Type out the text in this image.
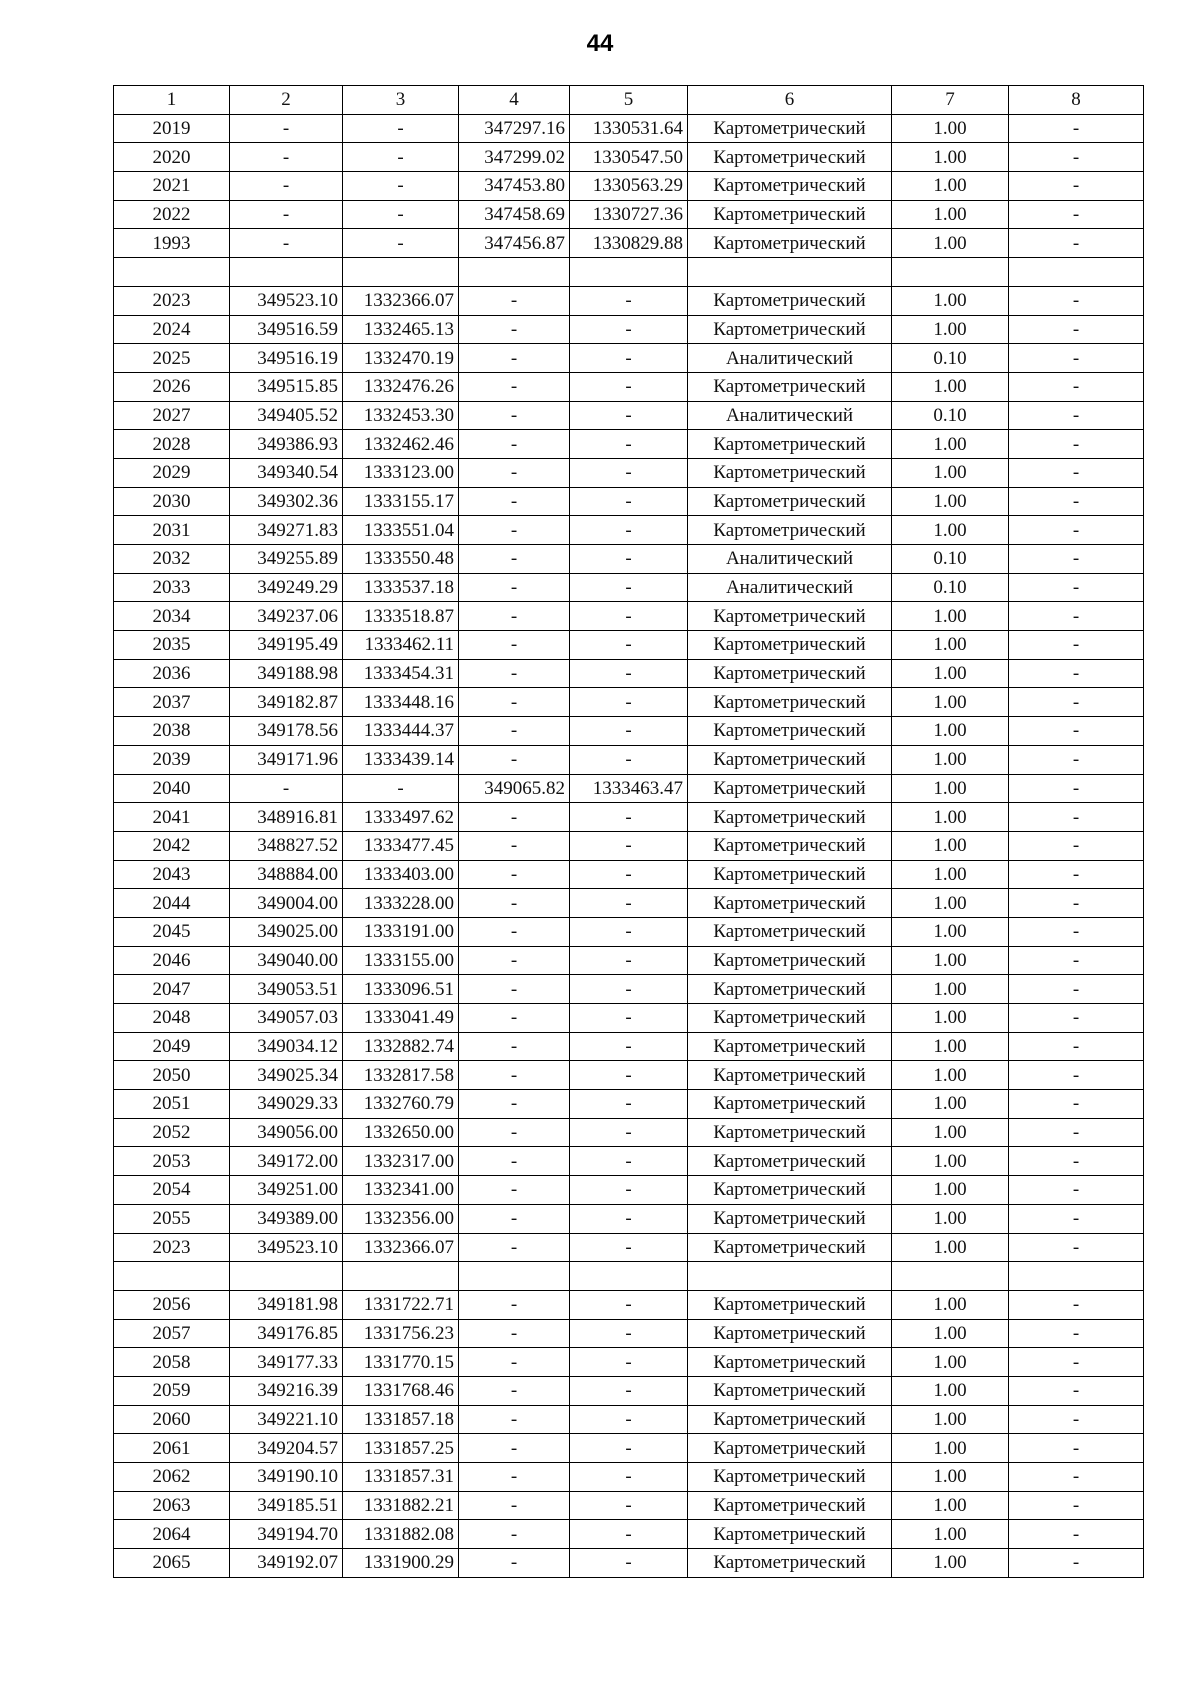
44
1	2	3	4	5	6	7	8
2019	-	-	347297.16	1330531.64	Картометрический	1.00	-
2020	-	-	347299.02	1330547.50	Картометрический	1.00	-
2021	-	-	347453.80	1330563.29	Картометрический	1.00	-
2022	-	-	347458.69	1330727.36	Картометрический	1.00	-
1993	-	-	347456.87	1330829.88	Картометрический	1.00	-

2023	349523.10	1332366.07	-	-	Картометрический	1.00	-
2024	349516.59	1332465.13	-	-	Картометрический	1.00	-
2025	349516.19	1332470.19	-	-	Аналитический	0.10	-
2026	349515.85	1332476.26	-	-	Картометрический	1.00	-
2027	349405.52	1332453.30	-	-	Аналитический	0.10	-
2028	349386.93	1332462.46	-	-	Картометрический	1.00	-
2029	349340.54	1333123.00	-	-	Картометрический	1.00	-
2030	349302.36	1333155.17	-	-	Картометрический	1.00	-
2031	349271.83	1333551.04	-	-	Картометрический	1.00	-
2032	349255.89	1333550.48	-	-	Аналитический	0.10	-
2033	349249.29	1333537.18	-	-	Аналитический	0.10	-
2034	349237.06	1333518.87	-	-	Картометрический	1.00	-
2035	349195.49	1333462.11	-	-	Картометрический	1.00	-
2036	349188.98	1333454.31	-	-	Картометрический	1.00	-
2037	349182.87	1333448.16	-	-	Картометрический	1.00	-
2038	349178.56	1333444.37	-	-	Картометрический	1.00	-
2039	349171.96	1333439.14	-	-	Картометрический	1.00	-
2040	-	-	349065.82	1333463.47	Картометрический	1.00	-
2041	348916.81	1333497.62	-	-	Картометрический	1.00	-
2042	348827.52	1333477.45	-	-	Картометрический	1.00	-
2043	348884.00	1333403.00	-	-	Картометрический	1.00	-
2044	349004.00	1333228.00	-	-	Картометрический	1.00	-
2045	349025.00	1333191.00	-	-	Картометрический	1.00	-
2046	349040.00	1333155.00	-	-	Картометрический	1.00	-
2047	349053.51	1333096.51	-	-	Картометрический	1.00	-
2048	349057.03	1333041.49	-	-	Картометрический	1.00	-
2049	349034.12	1332882.74	-	-	Картометрический	1.00	-
2050	349025.34	1332817.58	-	-	Картометрический	1.00	-
2051	349029.33	1332760.79	-	-	Картометрический	1.00	-
2052	349056.00	1332650.00	-	-	Картометрический	1.00	-
2053	349172.00	1332317.00	-	-	Картометрический	1.00	-
2054	349251.00	1332341.00	-	-	Картометрический	1.00	-
2055	349389.00	1332356.00	-	-	Картометрический	1.00	-
2023	349523.10	1332366.07	-	-	Картометрический	1.00	-

2056	349181.98	1331722.71	-	-	Картометрический	1.00	-
2057	349176.85	1331756.23	-	-	Картометрический	1.00	-
2058	349177.33	1331770.15	-	-	Картометрический	1.00	-
2059	349216.39	1331768.46	-	-	Картометрический	1.00	-
2060	349221.10	1331857.18	-	-	Картометрический	1.00	-
2061	349204.57	1331857.25	-	-	Картометрический	1.00	-
2062	349190.10	1331857.31	-	-	Картометрический	1.00	-
2063	349185.51	1331882.21	-	-	Картометрический	1.00	-
2064	349194.70	1331882.08	-	-	Картометрический	1.00	-
2065	349192.07	1331900.29	-	-	Картометрический	1.00	-
